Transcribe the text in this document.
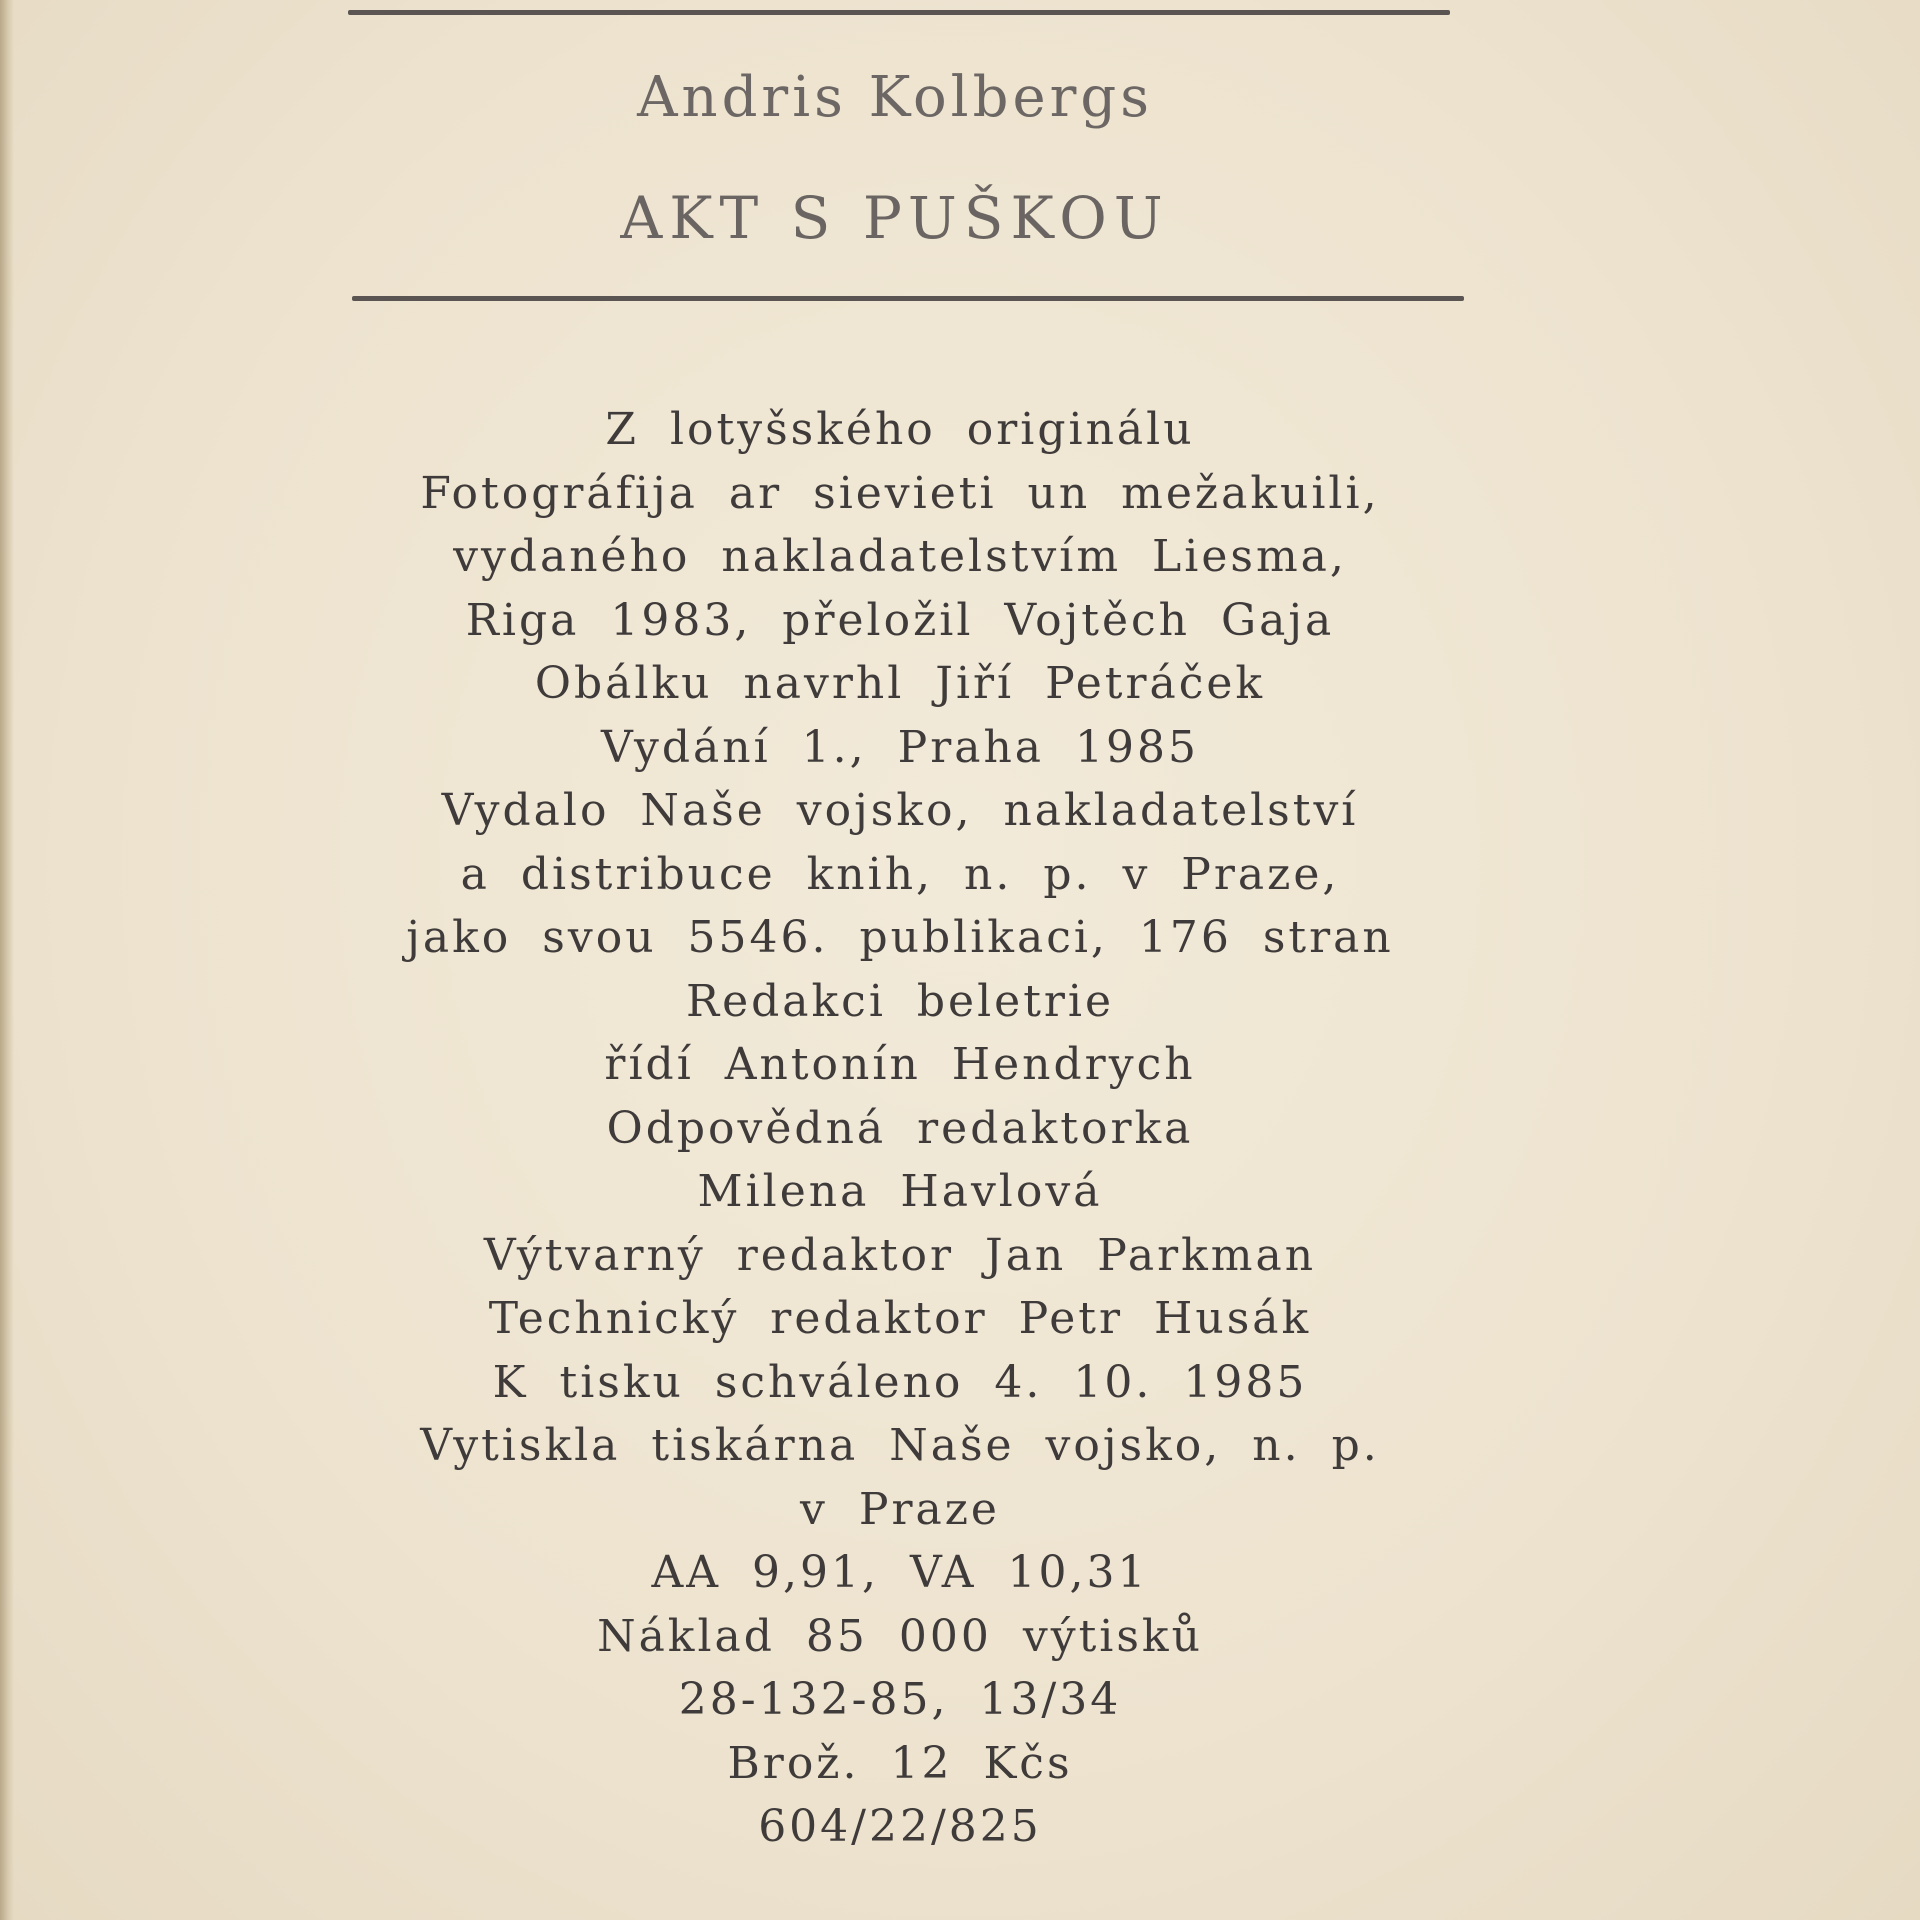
Andris Kolbergs

AKT S PUŠKOU
Z lotyšského originálu
Fotográfija ar sievieti un mežakuili,
vydaného nakladatelstvím Liesma,
Riga 1983, přeložil Vojtěch Gaja
Obálku navrhl Jiří Petráček
Vydání 1., Praha 1985
Vydalo Naše vojsko, nakladatelství
a distribuce knih, n. p. v Praze,
jako svou 5546. publikaci, 176 stran
Redakci beletrie
řídí Antonín Hendrych
Odpovědná redaktorka
Milena Havlová
Výtvarný redaktor Jan Parkman
Technický redaktor Petr Husák
K tisku schváleno 4. 10. 1985
Vytiskla tiskárna Naše vojsko, n. p.
v Praze
AA 9,91, VA 10,31
Náklad 85 000 výtisků
28-132-85, 13/34
Brož. 12 Kčs
604/22/825
